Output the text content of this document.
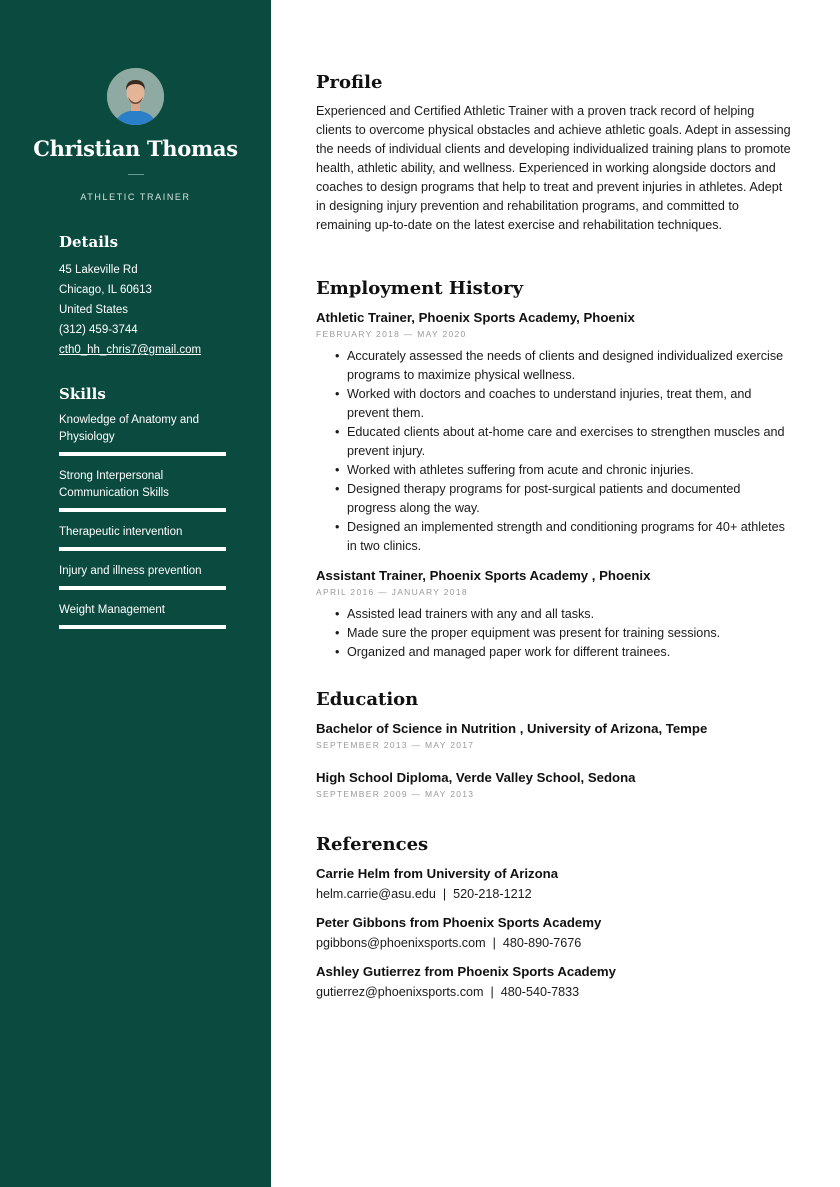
Christian Thomas
ATHLETIC TRAINER
Details
45 Lakeville Rd
Chicago, IL 60613
United States
(312) 459-3744
cth0_hh_chris7@gmail.com
Skills
Knowledge of Anatomy and Physiology
Strong Interpersonal Communication Skills
Therapeutic intervention
Injury and illness prevention
Weight Management
Profile
Experienced and Certified Athletic Trainer with a proven track record of helping clients to overcome physical obstacles and achieve athletic goals. Adept in assessing the needs of individual clients and developing individualized training plans to promote health, athletic ability, and wellness. Experienced in working alongside doctors and coaches to design programs that help to treat and prevent injuries in athletes. Adept in designing injury prevention and rehabilitation programs, and committed to remaining up-to-date on the latest exercise and rehabilitation techniques.
Employment History
Athletic Trainer, Phoenix Sports Academy, Phoenix
FEBRUARY 2018 — MAY 2020
• Accurately assessed the needs of clients and designed individualized exercise programs to maximize physical wellness.
• Worked with doctors and coaches to understand injuries, treat them, and prevent them.
• Educated clients about at-home care and exercises to strengthen muscles and prevent injury.
• Worked with athletes suffering from acute and chronic injuries.
• Designed therapy programs for post-surgical patients and documented progress along the way.
• Designed an implemented strength and conditioning programs for 40+ athletes in two clinics.
Assistant Trainer, Phoenix Sports Academy , Phoenix
APRIL 2016 — JANUARY 2018
• Assisted lead trainers with any and all tasks.
• Made sure the proper equipment was present for training sessions.
• Organized and managed paper work for different trainees.
Education
Bachelor of Science in Nutrition , University of Arizona, Tempe
SEPTEMBER 2013 — MAY 2017
High School Diploma, Verde Valley School, Sedona
SEPTEMBER 2009 — MAY 2013
References
Carrie Helm from University of Arizona
helm.carrie@asu.edu  |  520-218-1212
Peter Gibbons from Phoenix Sports Academy
pgibbons@phoenixsports.com  |  480-890-7676
Ashley Gutierrez from Phoenix Sports Academy
gutierrez@phoenixsports.com  |  480-540-7833
